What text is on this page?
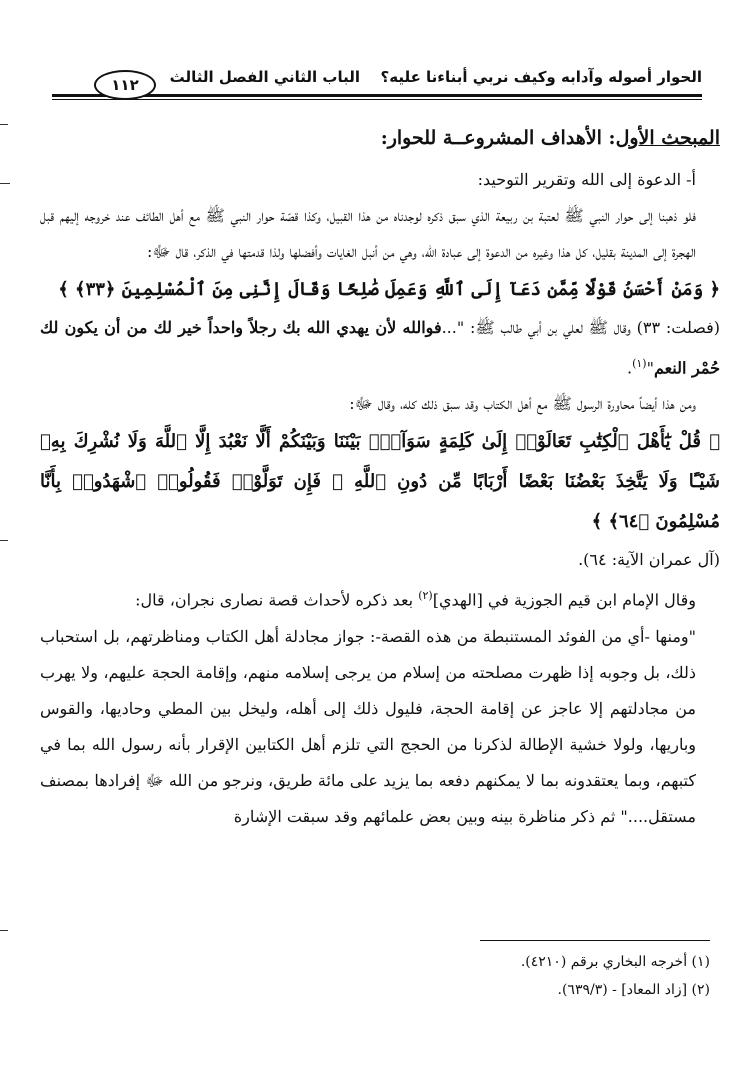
الحوار أصوله وآدابه وكيف نربي أبناءنا عليه؟
الباب الثاني الفصل الثالث
١١٢
المبحث الأول: الأهداف المشروعــة للحوار:

أ- الدعوة إلى الله وتقرير التوحيد:

فلو ذهبنا إلى حوار النبي ﷺ لعتبة بن ربيعة الذي سبق ذكره لوجدناه من هذا القبيل، وكذا قصّة حوار النبي ﷺ مع أهل الطائف عند خروجه إليهم قبل الهجرة إلى المدينة بقليل، كل هذا وغيره من الدعوة إلى عبادة الله، وهي من أنبل الغايات وأفضلها ولذا قدمتها في الذكر، قال ﷻ:

﴿ وَمَنْ أَحْسَنُ قَوْلًا مِّمَّن دَعَآ إِلَى ٱللَّهِ وَعَمِلَ صَٰلِحًا وَقَالَ إِنَّنِى مِنَ ٱلْمُسْلِمِينَ ﴿٣٣﴾ ﴾

(فصلت: ٣٣) وقال ﷺ لعلي بن أبي طالب ﷺ: "...فوالله لأن يهدي الله بك رجلاً واحداً خير لك من أن يكون لك حُمْر النعم"$^{(١)}$.

ومن هذا أيضاً محاورة الرسول ﷺ مع أهل الكتاب وقد سبق ذلك كله، وقال ﷻ:

﴿ قُلْ يَٰٓأَهْلَ ٱلْكِتَٰبِ تَعَالَوْا۟ إِلَىٰ كَلِمَةٍ سَوَآءٍۭ بَيْنَنَا وَبَيْنَكُمْ أَلَّا نَعْبُدَ إِلَّا ٱللَّهَ وَلَا نُشْرِكَ بِهِۦ شَيْـًٔا وَلَا يَتَّخِذَ بَعْضُنَا بَعْضًا أَرْبَابًا مِّن دُونِ ٱللَّهِ ۚ فَإِن تَوَلَّوْا۟ فَقُولُوا۟ ٱشْهَدُوا۟ بِأَنَّا مُسْلِمُونَ ﴿٦٤﴾ ﴾

(آل عمران الآية: ٦٤).

وقال الإمام ابن قيم الجوزية في [الهدي]$^{(٢)}$ بعد ذكره لأحداث قصة نصارى نجران، قال:

"ومنها -أي من الفوئد المستنبطة من هذه القصة-: جواز مجادلة أهل الكتاب ومناظرتهم، بل استحباب ذلك، بل وجوبه إذا ظهرت مصلحته من إسلام من يرجى إسلامه منهم، وإقامة الحجة عليهم، ولا يهرب من مجادلتهم إلا عاجز عن إقامة الحجة، فليول ذلك إلى أهله، وليخل بين المطي وحاديها، والقوس وباريها، ولولا خشية الإطالة لذكرنا من الحجج التي تلزم أهل الكتابين الإقرار بأنه رسول الله بما في كتبهم، وبما يعتقدونه بما لا يمكنهم دفعه بما يزيد على مائة طريق، ونرجو من الله ﷻ إفرادها بمصنف مستقل...." ثم ذكر مناظرة بينه وبين بعض علمائهم وقد سبقت الإشارة

(١) أخرجه البخاري برقم (٤٢١٠).
(٢) [زاد المعاد] - (٦٣٩/٣).
